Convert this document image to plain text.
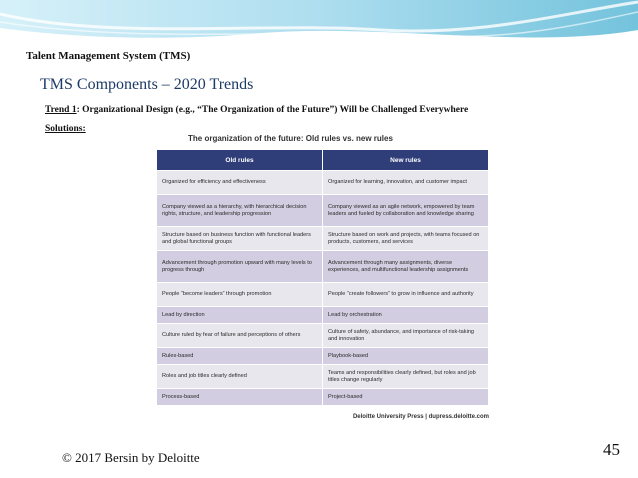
Talent Management System (TMS)
TMS Components – 2020 Trends
Trend 1: Organizational Design (e.g., “The Organization of the Future”) Will be Challenged Everywhere
Solutions:
The organization of the future: Old rules vs. new rules
Old rules	New rules
Organized for efficiency and effectiveness	Organized for learning, innovation, and customer impact
Company viewed as a hierarchy, with hierarchical decision rights, structure, and leadership progression	Company viewed as an agile network, empowered by team leaders and fueled by collaboration and knowledge sharing
Structure based on business function with functional leaders and global functional groups	Structure based on work and projects, with teams focused on products, customers, and services
Advancement through promotion upward with many levels to progress through	Advancement through many assignments, diverse experiences, and multifunctional leadership assignments
People “become leaders” through promotion	People “create followers” to grow in influence and authority
Lead by direction	Lead by orchestration
Culture ruled by fear of failure and perceptions of others	Culture of safety, abundance, and importance of risk-taking and innovation
Rules-based	Playbook-based
Roles and job titles clearly defined	Teams and responsibilities clearly defined, but roles and job titles change regularly
Process-based	Project-based
Deloitte University Press | dupress.deloitte.com
© 2017 Bersin by Deloitte	45
